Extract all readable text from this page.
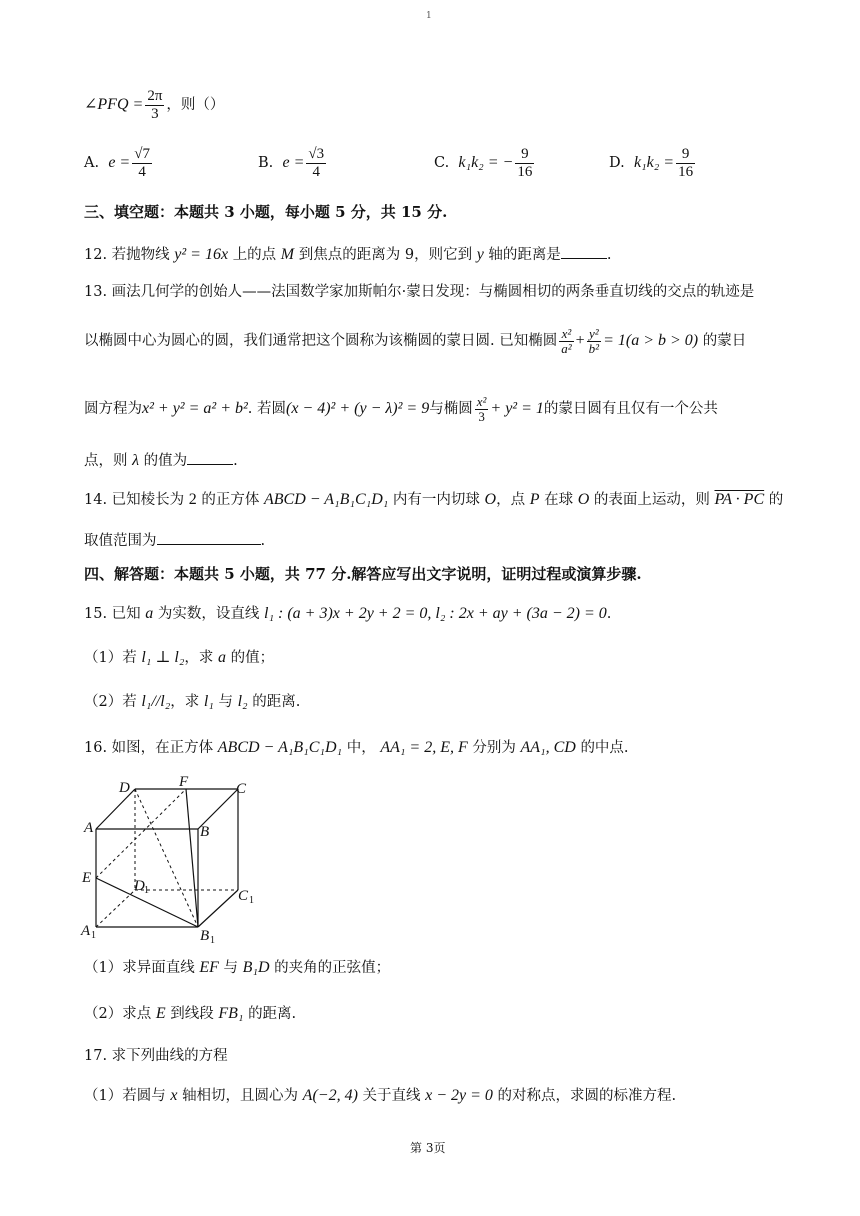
1
∠PFQ = $\frac{2\pi}{3}$ ，则（）
A.
$e = \frac{√7}{4}$	B.
$e = \frac{√3}{4}$	C.
k₁k₂ = − $\frac{9}{16}$	D.
$k_1k_2 = \frac{9}{16}$
三、填空题：本题共 3 小题，每小题 5 分，共 15 分.
12. 若抛物线 y² = 16x 上的点 M 到焦点的距离为 9，则它到 y 轴的距离是	.
13. 画法几何学的创始人——法国数学家加斯帕尔·蒙日发现：与椭圆相切的两条垂直切线的交点的轨迹是
以椭圆中心为圆心的圆，我们通常把这个圆称为该椭圆的蒙日圆. 已知椭圆 $\frac{\text{x²}}{\text{a²}} + \frac{\text{y²}}{\text{b²}} = 1(a > b > 0)$
的蒙日
圆方程为 x² + y² = a² + b² . 若圆 (x − 4)² + (y − λ)² = 9 与椭圆 $\frac{\text{x²}}{3} + y^2 = 1$ 的蒙日圆有且仅有一个公共
点，则 λ 的值为	.
14. 已知棱长为 2 的正方体 ABCD − A₁B₁C₁D₁ 内有一内切球 O，点 P 在球 O 的表面上运动，则 PA · PC 的
取值范围为	.
四、解答题：本题共 5 小题，共 77 分.解答应写出文字说明，证明过程或演算步骤.
15. 已知 a 为实数，设直线 l₁ : (a + 3)x + 2y + 2 = 0, l₂ : 2x + ay + (3a − 2) = 0.
（1）若 l₁ ⊥ l₂，求 a 的值；
（2）若 l₁//l₂，求 l₁ 与 l₂ 的距离.
16. 如图，在正方体 ABCD − A₁B₁C₁D₁ 中， AA₁ = 2, E, F 分别为 AA₁, CD 的中点.
D	F	C
A	B
E	D 1	C 1
A 1	B 1
（1）求异面直线 EF 与 B₁D 的夹角的正弦值；
（2）求点 E 到线段 FB₁ 的距离.
17. 求下列曲线的方程
（1）若圆与 x 轴相切，且圆心为 A(−2, 4) 关于直线 x − 2y = 0 的对称点，求圆的标准方程.
第 3页
